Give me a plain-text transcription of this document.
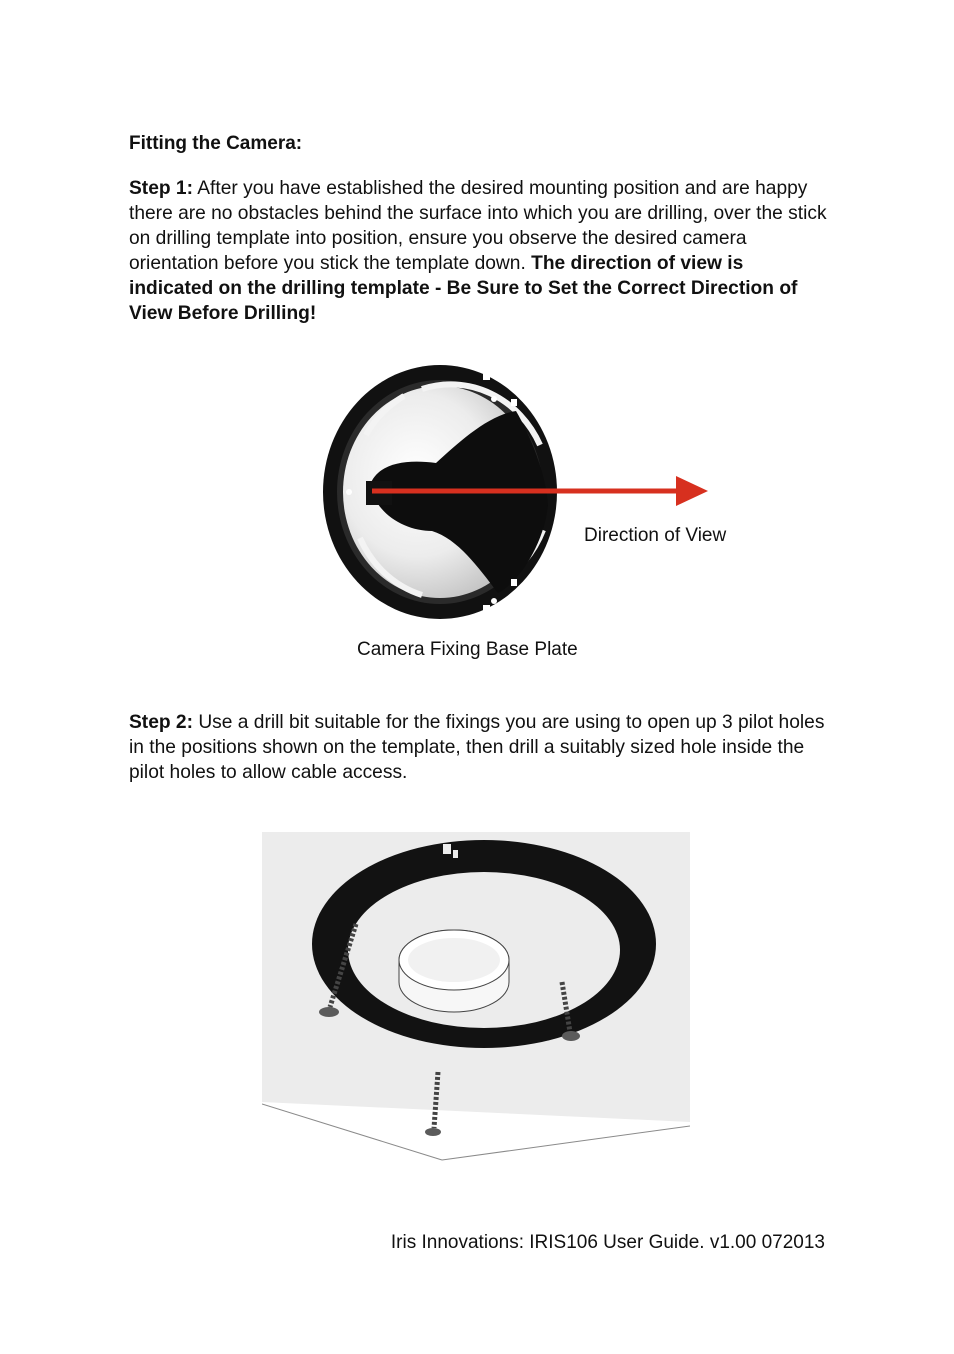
Fitting the Camera:

Step 1: After you have established the desired mounting position and are happy there are no obstacles behind the surface into which you are drilling, over the stick on drilling template into position, ensure you observe the desired camera orientation before you stick the template down. The direction of view is indicated on the drilling template - Be Sure to Set the Correct Direction of View Before Drilling!

Direction of View

Camera Fixing Base Plate

Step 2: Use a drill bit suitable for the fixings you are using to open up 3 pilot holes in the positions shown on the template, then drill a suitably sized hole inside the pilot holes to allow cable access.

Iris Innovations: IRIS106 User Guide. v1.00 072013
